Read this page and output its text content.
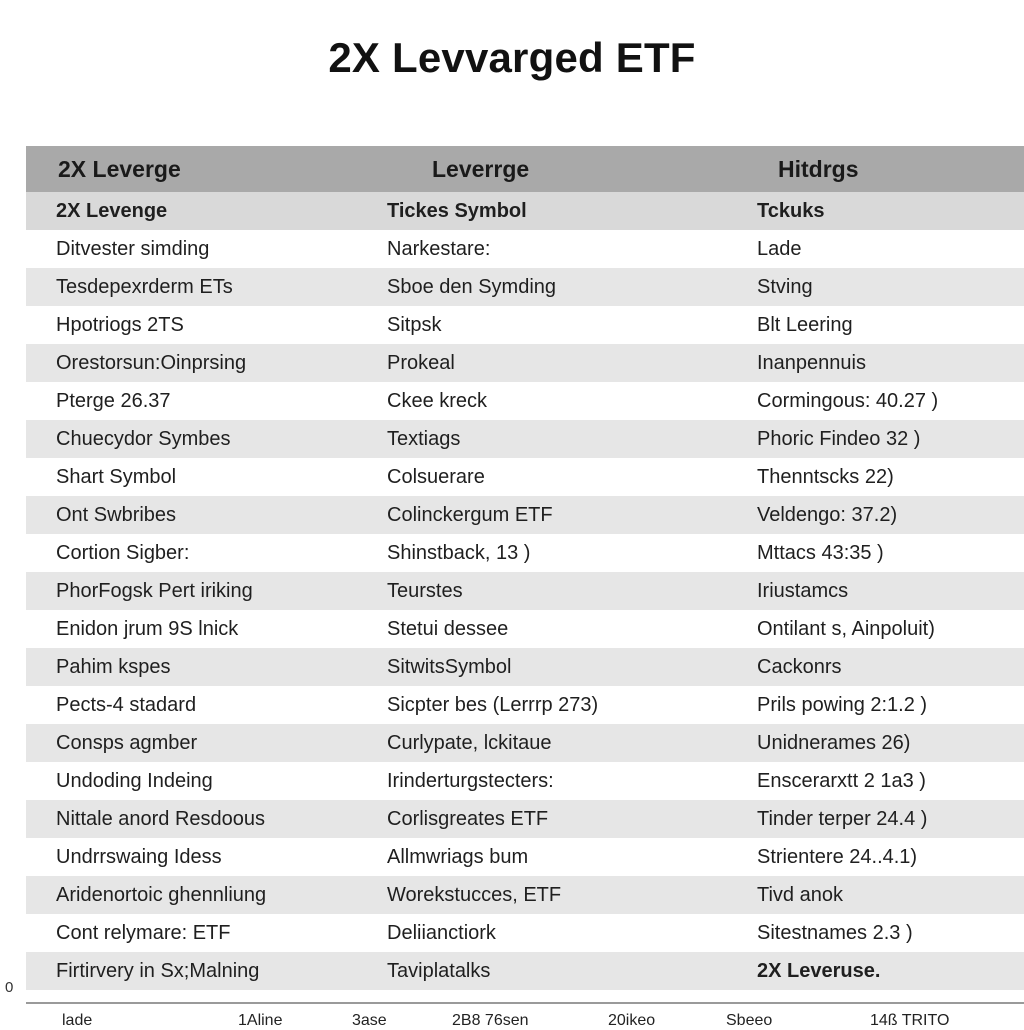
2X Levvarged ETF
2X Leverge	Leverrge	Hitdrgs
2X Levenge	Tickes Symbol	Tckuks
Ditvester simding	Narkestare:	Lade
Tesdepexrderm ETs	Sboe den Symding	Stving
Hpotriogs 2TS	Sitpsk	Blt Leering
Orestorsun:Oinprsing	Prokeal	Inanpennuis
Pterge 26.37	Ckee kreck	Cormingous: 40.27 )
Chuecydor Symbes	Textiags	Phoric Findeo 32 )
Shart Symbol	Colsuerare	Thenntscks 22)
Ont Swbribes	Colinckergum ETF	Veldengo: 37.2)
Cortion Sigber:	Shinstback, 13 )	Mttacs 43:35 )
PhorFogsk Pert iriking	Teurstes	Iriustamcs
Enidon jrum 9S lnick	Stetui dessee	Ontilant s, Ainpoluit)
Pahim kspes	SitwitsSymbol	Cackonrs
Pects-4 stadard	Sicpter bes (Lerrrp 273)	Prils powing 2:1.2 )
Consps agmber	Curlypate, lckitaue	Unidnerames 26)
Undoding Indeing	Irinderturgstecters:	Enscerarxtt 2 1a3 )
Nittale anord Resdoous	Corlisgreates ETF	Tinder terper 24.4 )
Undrrswaing Idess	Allmwriags bum	Strientere 24..4.1)
Aridenortoic ghennliung	Worekstucces, ETF	Tivd anok
Cont relymare: ETF	Deliianctiork	Sitestnames 2.3 )
Firtirvery in Sx;Malning	Taviplatalks	2X Leveruse.
0
lade	1Aline	3ase	2B8 76sen	20ikeo	Sbeeo	14ß TRITO
